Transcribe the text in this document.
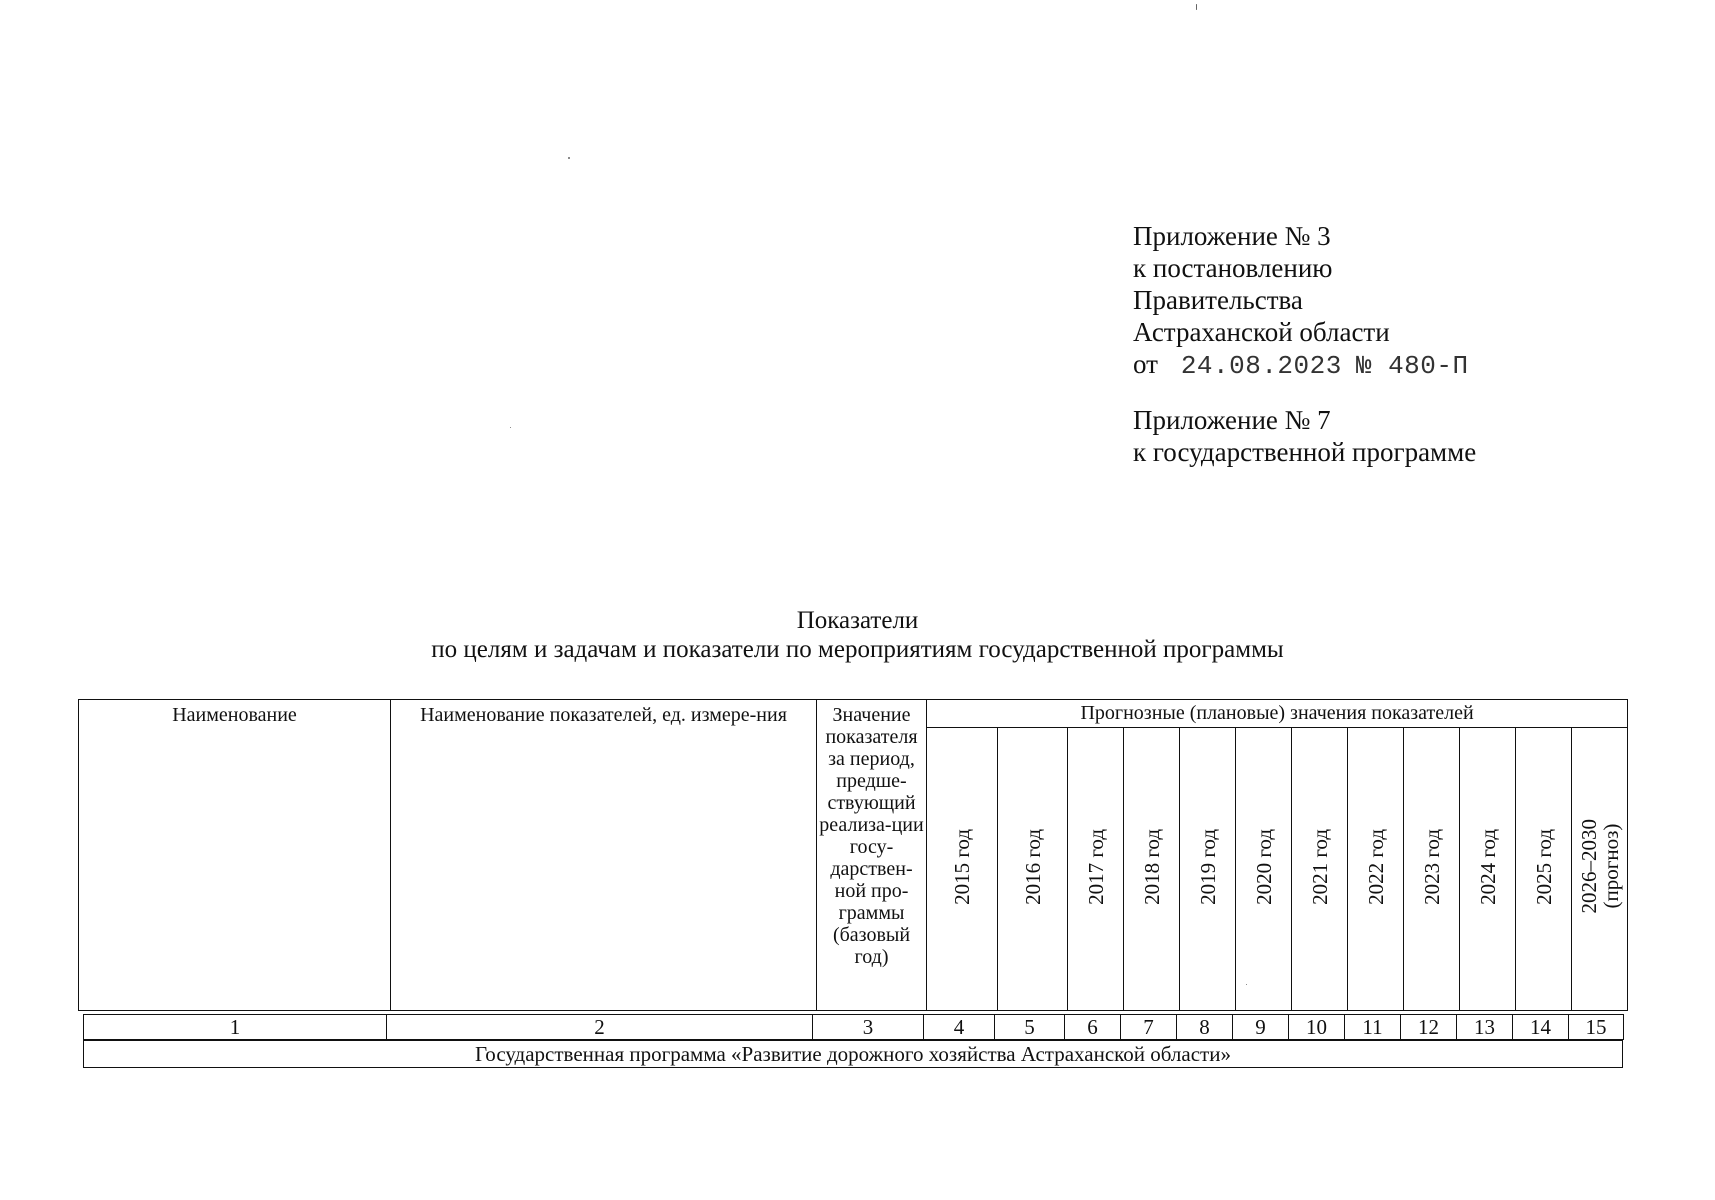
Приложение № 3
к постановлению
Правительства
Астраханской области
от 24.08.2023 № 480-П
Приложение № 7
к государственной программе
Показатели
по целям и задачам и показатели по мероприятиям государственной программы
Наименование	Наименование показателей, ед. измере-ния	Значение показателя за период, предше-ствующий реализа-ции госу-дарствен-ной про-граммы (базовый год)	Прогнозные (плановые) значения показателей											
			2015 год	2016 год	2017 год	2018 год	2019 год	2020 год	2021 год	2022 год	2023 год	2024 год	2025 год	2026–2030
(прогноз)
1	2	3	4	5	6	7	8	9	10	11	12	13	14	15
Государственная программа «Развитие дорожного хозяйства Астраханской области»
